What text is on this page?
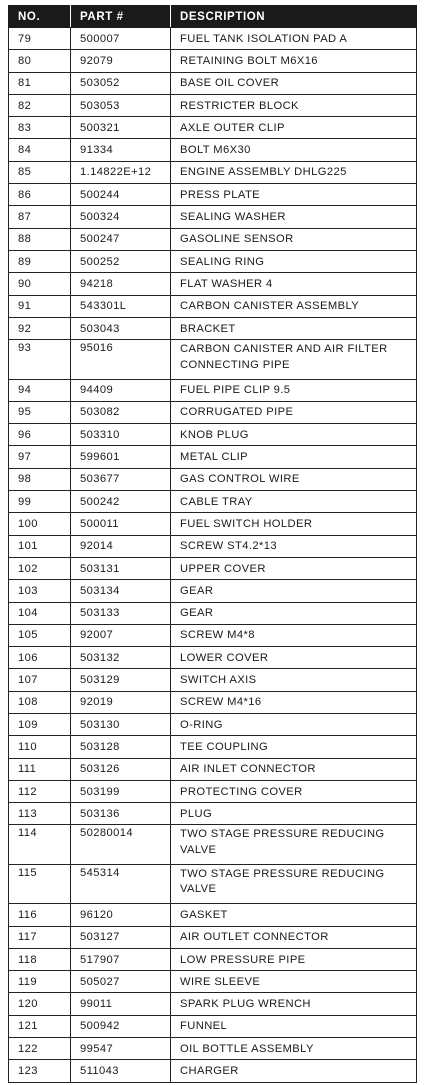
NO.	PART #	DESCRIPTION
79	500007	FUEL TANK ISOLATION PAD A
80	92079	RETAINING BOLT M6X16
81	503052	BASE OIL COVER
82	503053	RESTRICTER BLOCK
83	500321	AXLE OUTER CLIP
84	91334	BOLT M6X30
85	1.14822E+12	ENGINE ASSEMBLY DHLG225
86	500244	PRESS PLATE
87	500324	SEALING WASHER
88	500247	GASOLINE SENSOR
89	500252	SEALING RING
90	94218	FLAT WASHER 4
91	543301L	CARBON CANISTER ASSEMBLY
92	503043	BRACKET
93	95016	CARBON CANISTER AND AIR FILTER CONNECTING PIPE
94	94409	FUEL PIPE CLIP 9.5
95	503082	CORRUGATED PIPE
96	503310	KNOB PLUG
97	599601	METAL CLIP
98	503677	GAS CONTROL WIRE
99	500242	CABLE TRAY
100	500011	FUEL SWITCH HOLDER
101	92014	SCREW ST4.2*13
102	503131	UPPER COVER
103	503134	GEAR
104	503133	GEAR
105	92007	SCREW M4*8
106	503132	LOWER COVER
107	503129	SWITCH AXIS
108	92019	SCREW M4*16
109	503130	O-RING
110	503128	TEE COUPLING
111	503126	AIR INLET CONNECTOR
112	503199	PROTECTING COVER
113	503136	PLUG
114	50280014	TWO STAGE PRESSURE REDUCING VALVE
115	545314	TWO STAGE PRESSURE REDUCING VALVE
116	96120	GASKET
117	503127	AIR OUTLET CONNECTOR
118	517907	LOW PRESSURE PIPE
119	505027	WIRE SLEEVE
120	99011	SPARK PLUG WRENCH
121	500942	FUNNEL
122	99547	OIL BOTTLE ASSEMBLY
123	511043	CHARGER
